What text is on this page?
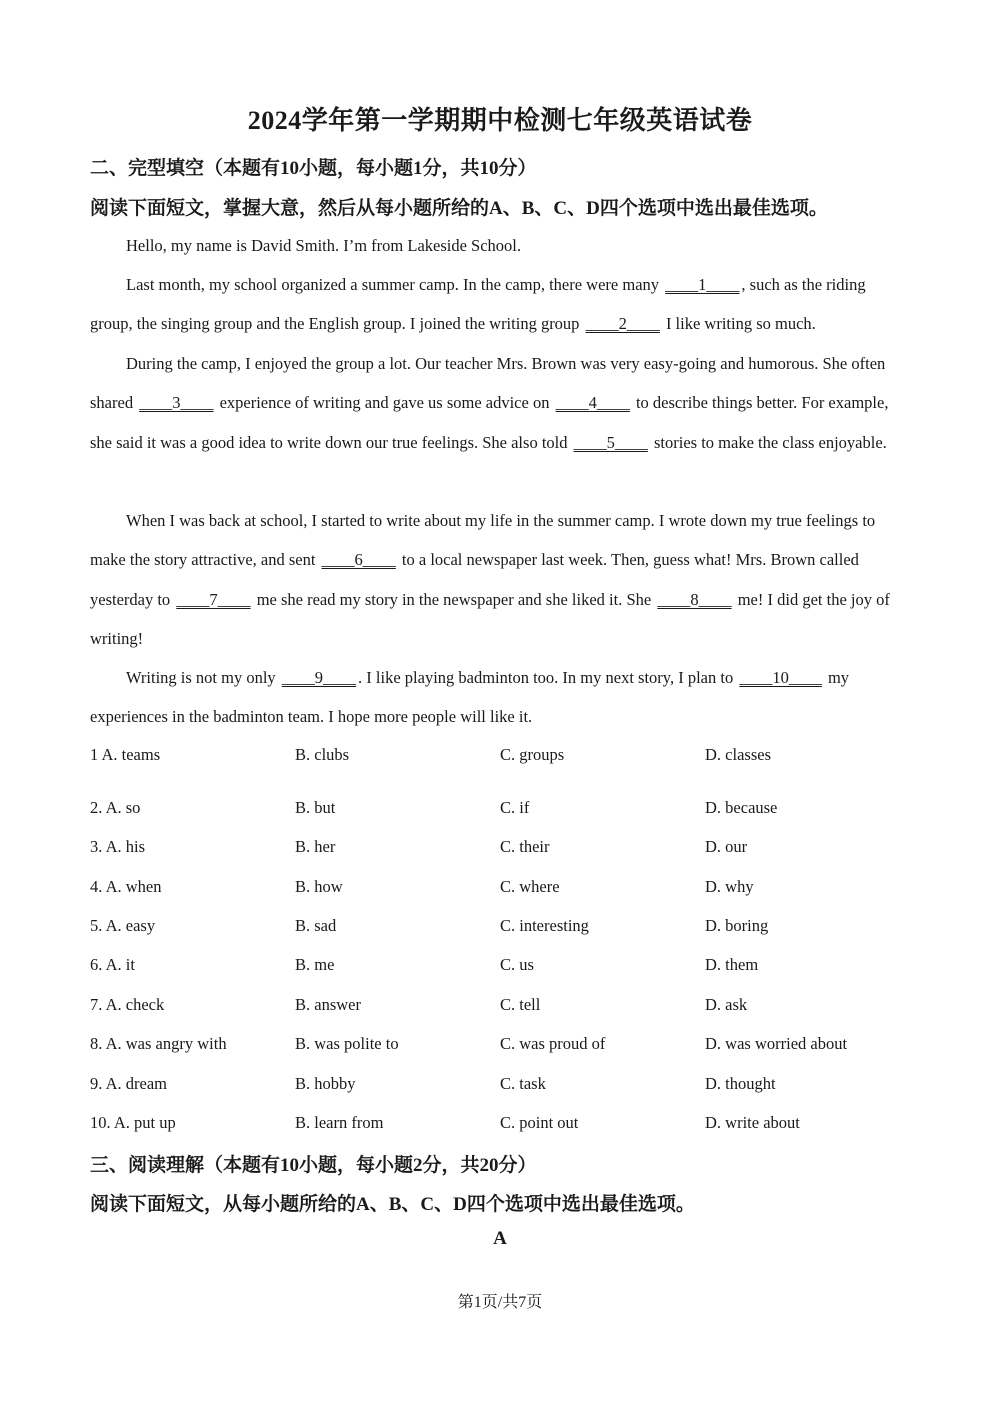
2024学年第一学期期中检测七年级英语试卷
二、完型填空（本题有10小题，每小题1分，共10分）
阅读下面短文，掌握大意，然后从每小题所给的A、B、C、D四个选项中选出最佳选项。

Hello, my name is David Smith. I’m from Lakeside School.

Last month, my school organized a summer camp. In the camp, there were many ____1____ , such as the riding group, the singing group and the English group. I joined the writing group ____2____ I like writing so much.

During the camp, I enjoyed the group a lot. Our teacher Mrs. Brown was very easy-going and humorous. She often shared ____3____ experience of writing and gave us some advice on ____4____ to describe things better. For example, she said it was a good idea to write down our true feelings. She also told ____5____ stories to make the class enjoyable.

When I was back at school, I started to write about my life in the summer camp. I wrote down my true feelings to make the story attractive, and sent ____6____ to a local newspaper last week. Then, guess what! Mrs. Brown called yesterday to ____7____ me she read my story in the newspaper and she liked it. She ____8____ me! I did get the joy of writing!

Writing is not my only ____9____ . I like playing badminton too. In my next story, I plan to ____10____ my experiences in the badminton team. I hope more people will like it.

1 A. teams	B. clubs	C. groups	D. classes
2. A. so	B. but	C. if	D. because
3. A. his	B. her	C. their	D. our
4. A. when	B. how	C. where	D. why
5. A. easy	B. sad	C. interesting	D. boring
6. A. it	B. me	C. us	D. them
7. A. check	B. answer	C. tell	D. ask
8. A. was angry with	B. was polite to	C. was proud of	D. was worried about
9. A. dream	B. hobby	C. task	D. thought
10. A. put up	B. learn from	C. point out	D. write about
三、阅读理解（本题有10小题，每小题2分，共20分）
阅读下面短文，从每小题所给的A、B、C、D四个选项中选出最佳选项。
A
第1页/共7页
